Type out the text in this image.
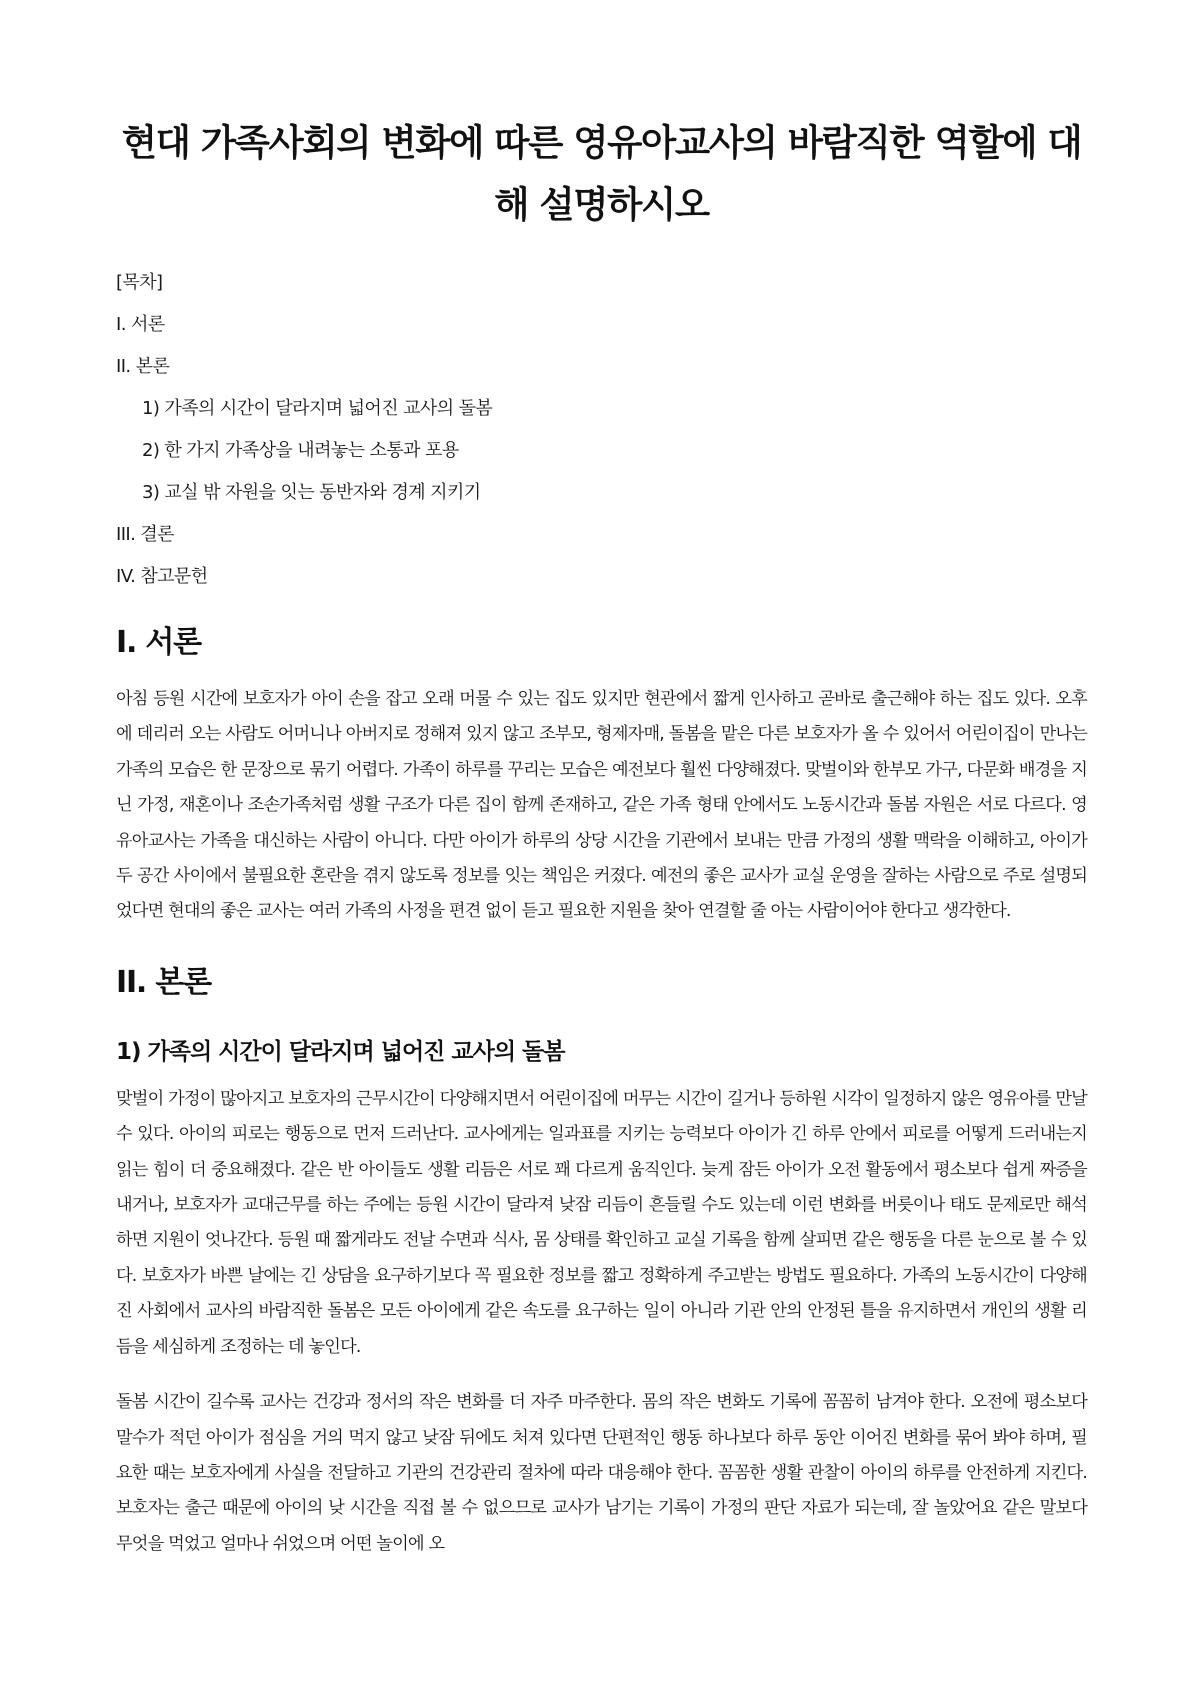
현대 가족사회의 변화에 따른 영유아교사의 바람직한 역할에 대해 설명하시오
[목차]
I. 서론
II. 본론
1) 가족의 시간이 달라지며 넓어진 교사의 돌봄
2) 한 가지 가족상을 내려놓는 소통과 포용
3) 교실 밖 자원을 잇는 동반자와 경계 지키기
III. 결론
IV. 참고문헌
I. 서론

아침 등원 시간에 보호자가 아이 손을 잡고 오래 머물 수 있는 집도 있지만 현관에서 짧게 인사하고 곧바로 출근해야 하는 집도 있다. 오후에 데리러 오는 사람도 어머니나 아버지로 정해져 있지 않고 조부모, 형제자매, 돌봄을 맡은 다른 보호자가 올 수 있어서 어린이집이 만나는 가족의 모습은 한 문장으로 묶기 어렵다. 가족이 하루를 꾸리는 모습은 예전보다 훨씬 다양해졌다. 맞벌이와 한부모 가구, 다문화 배경을 지닌 가정, 재혼이나 조손가족처럼 생활 구조가 다른 집이 함께 존재하고, 같은 가족 형태 안에서도 노동시간과 돌봄 자원은 서로 다르다. 영유아교사는 가족을 대신하는 사람이 아니다. 다만 아이가 하루의 상당 시간을 기관에서 보내는 만큼 가정의 생활 맥락을 이해하고, 아이가 두 공간 사이에서 불필요한 혼란을 겪지 않도록 정보를 잇는 책임은 커졌다. 예전의 좋은 교사가 교실 운영을 잘하는 사람으로 주로 설명되었다면 현대의 좋은 교사는 여러 가족의 사정을 편견 없이 듣고 필요한 지원을 찾아 연결할 줄 아는 사람이어야 한다고 생각한다.

II. 본론
1) 가족의 시간이 달라지며 넓어진 교사의 돌봄

맞벌이 가정이 많아지고 보호자의 근무시간이 다양해지면서 어린이집에 머무는 시간이 길거나 등하원 시각이 일정하지 않은 영유아를 만날 수 있다. 아이의 피로는 행동으로 먼저 드러난다. 교사에게는 일과표를 지키는 능력보다 아이가 긴 하루 안에서 피로를 어떻게 드러내는지 읽는 힘이 더 중요해졌다. 같은 반 아이들도 생활 리듬은 서로 꽤 다르게 움직인다. 늦게 잠든 아이가 오전 활동에서 평소보다 쉽게 짜증을 내거나, 보호자가 교대근무를 하는 주에는 등원 시간이 달라져 낮잠 리듬이 흔들릴 수도 있는데 이런 변화를 버릇이나 태도 문제로만 해석하면 지원이 엇나간다. 등원 때 짧게라도 전날 수면과 식사, 몸 상태를 확인하고 교실 기록을 함께 살피면 같은 행동을 다른 눈으로 볼 수 있다. 보호자가 바쁜 날에는 긴 상담을 요구하기보다 꼭 필요한 정보를 짧고 정확하게 주고받는 방법도 필요하다. 가족의 노동시간이 다양해진 사회에서 교사의 바람직한 돌봄은 모든 아이에게 같은 속도를 요구하는 일이 아니라 기관 안의 안정된 틀을 유지하면서 개인의 생활 리듬을 세심하게 조정하는 데 놓인다.

돌봄 시간이 길수록 교사는 건강과 정서의 작은 변화를 더 자주 마주한다. 몸의 작은 변화도 기록에 꼼꼼히 남겨야 한다. 오전에 평소보다 말수가 적던 아이가 점심을 거의 먹지 않고 낮잠 뒤에도 처져 있다면 단편적인 행동 하나보다 하루 동안 이어진 변화를 묶어 봐야 하며, 필요한 때는 보호자에게 사실을 전달하고 기관의 건강관리 절차에 따라 대응해야 한다. 꼼꼼한 생활 관찰이 아이의 하루를 안전하게 지킨다. 보호자는 출근 때문에 아이의 낮 시간을 직접 볼 수 없으므로 교사가 남기는 기록이 가정의 판단 자료가 되는데, 잘 놀았어요 같은 말보다 무엇을 먹었고 얼마나 쉬었으며 어떤 놀이에 오
